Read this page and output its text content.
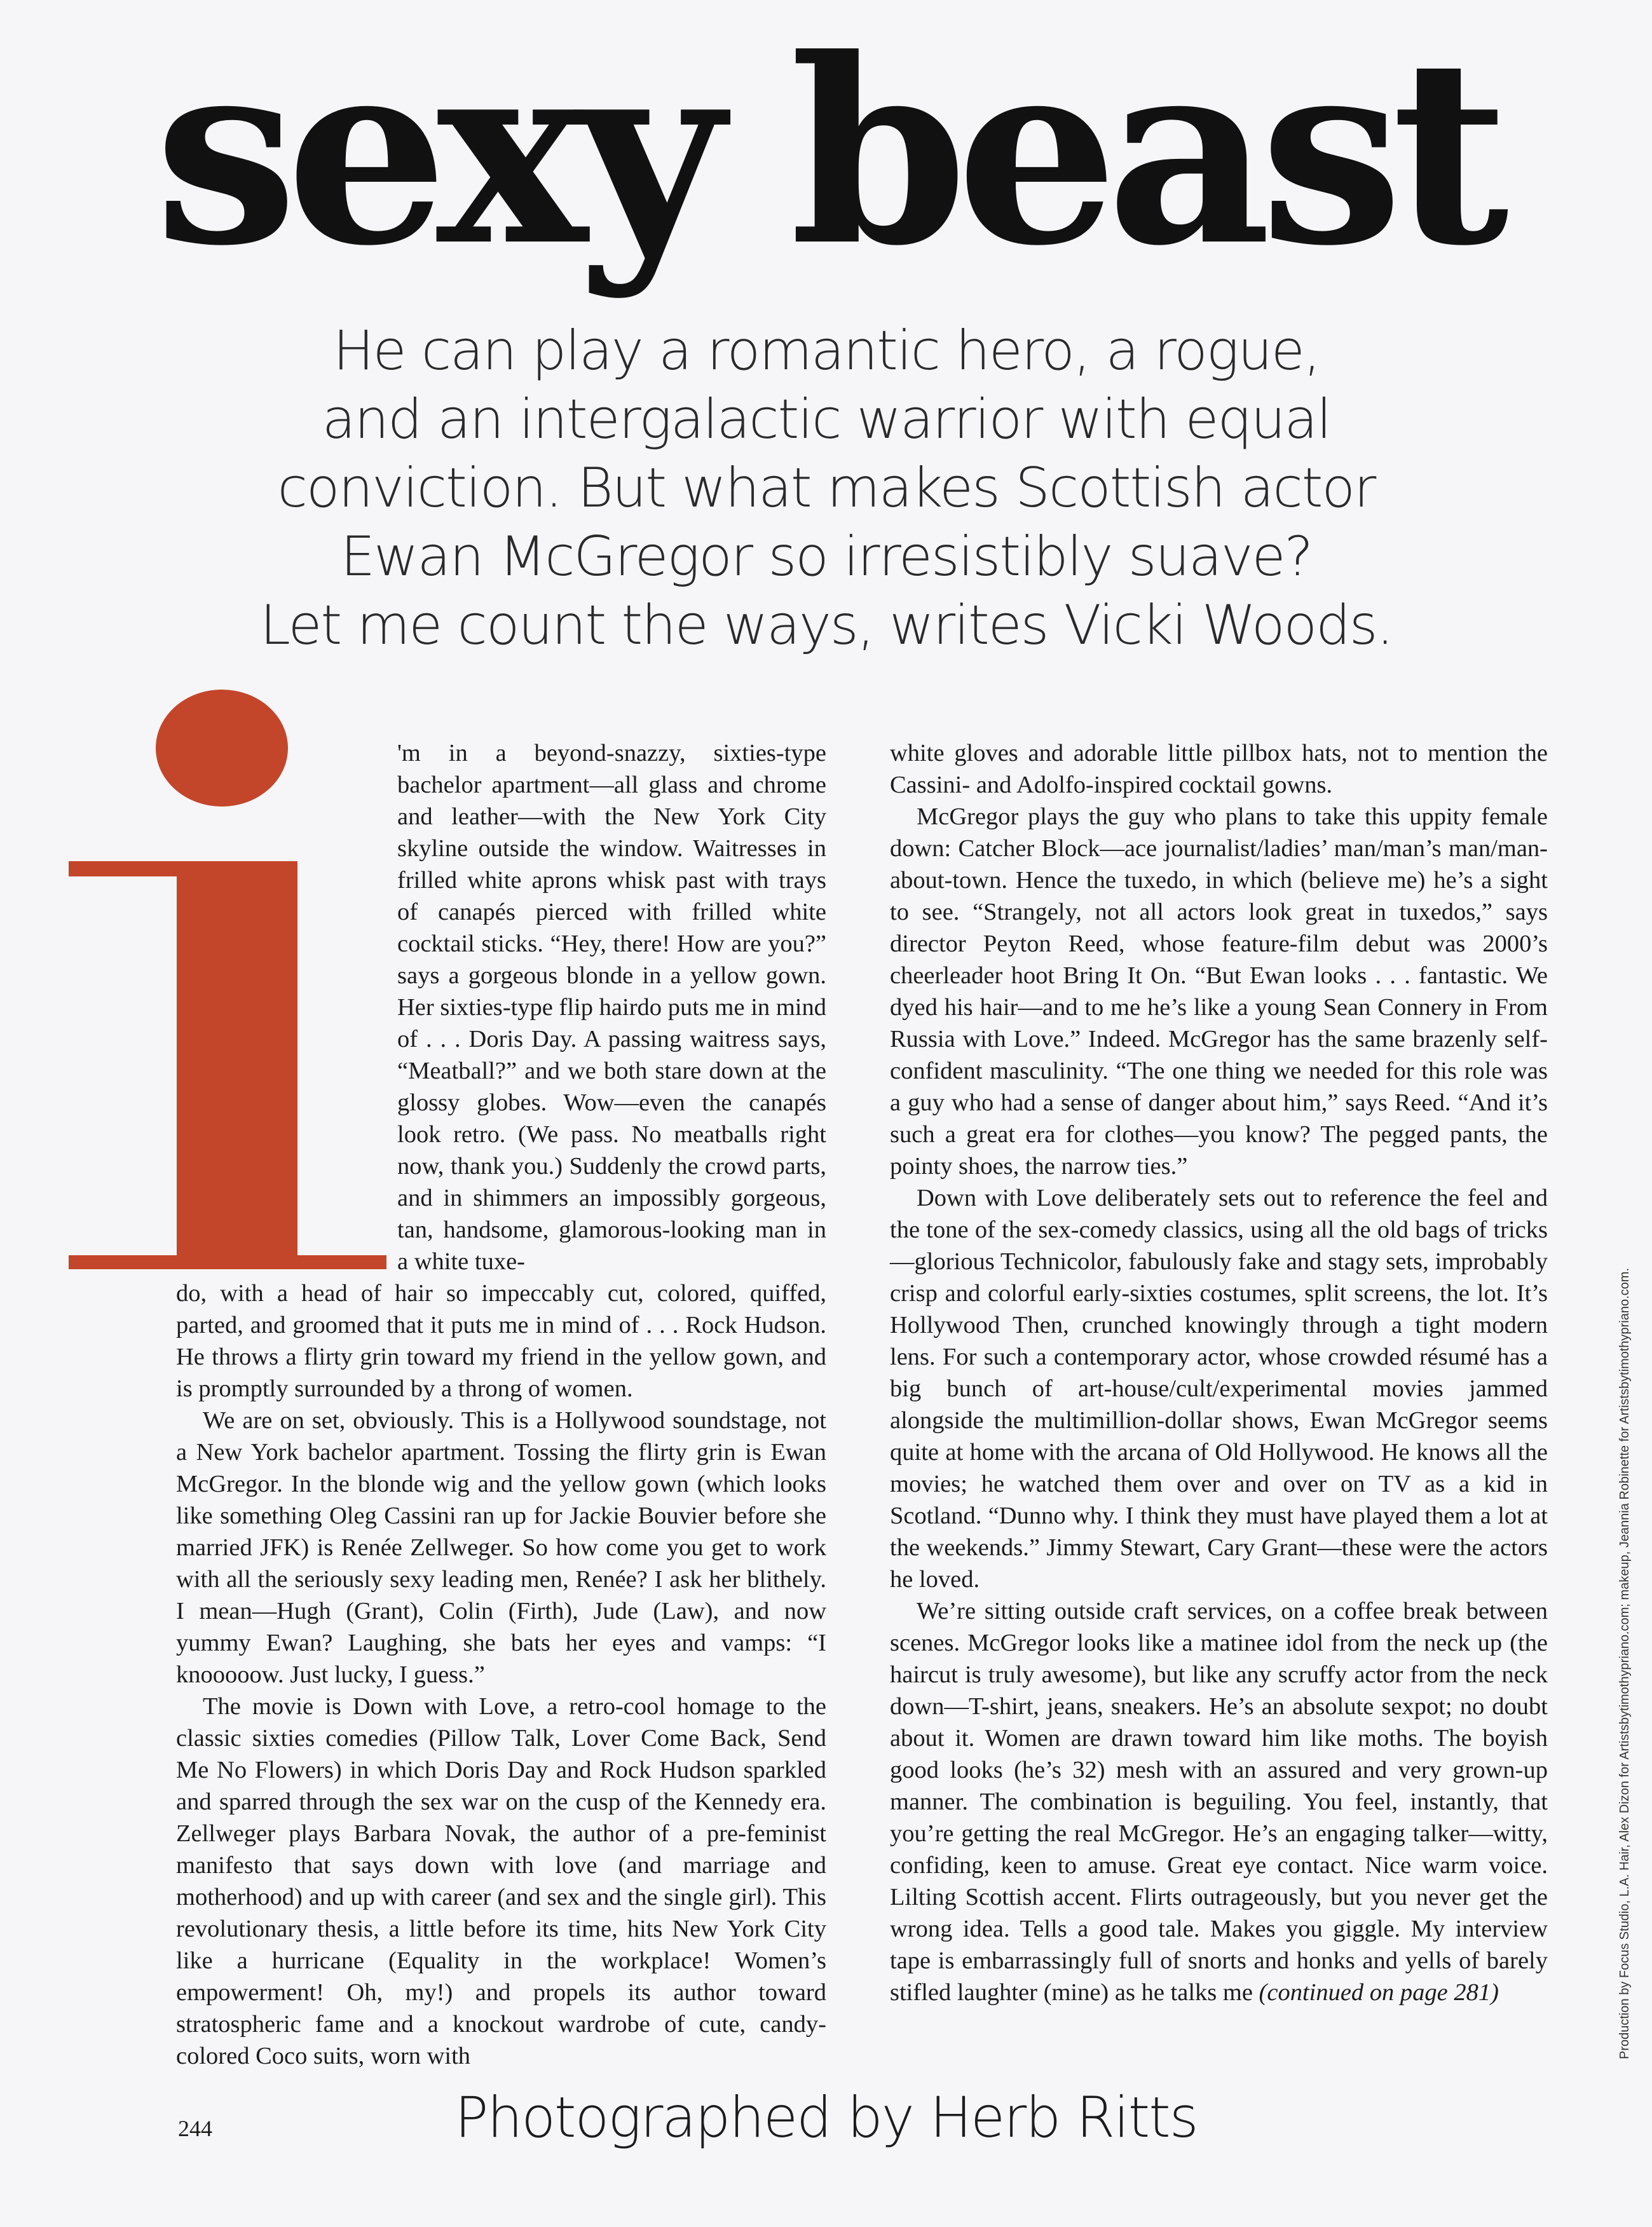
sexy beast
He can play a romantic hero, a rogue,
and an intergalactic warrior with equal
conviction. But what makes Scottish actor
Ewan McGregor so irresistibly suave?
Let me count the ways, writes Vicki Woods.

'm in a beyond-snazzy, sixties-type bachelor apartment—all glass and chrome and leather—with the New York City skyline outside the window. Waitresses in frilled white aprons whisk past with trays of canapés pierced with frilled white cocktail sticks. “Hey, there! How are you?” says a gorgeous blonde in a yellow gown. Her sixties-type flip hairdo puts me in mind of . . . Doris Day. A passing waitress says, “Meatball?” and we both stare down at the glossy globes. Wow—even the canapés look retro. (We pass. No meatballs right now, thank you.) Suddenly the crowd parts, and in shimmers an impossibly gorgeous, tan, handsome, glamorous-looking man in a white tuxe-

do, with a head of hair so impeccably cut, colored, quiffed, parted, and groomed that it puts me in mind of . . . Rock Hudson. He throws a flirty grin toward my friend in the yellow gown, and is promptly surrounded by a throng of women.

We are on set, obviously. This is a Hollywood soundstage, not a New York bachelor apartment. Tossing the flirty grin is Ewan McGregor. In the blonde wig and the yellow gown (which looks like something Oleg Cassini ran up for Jackie Bouvier before she married JFK) is Renée Zellweger. So how come you get to work with all the seriously sexy leading men, Renée? I ask her blithely. I mean—Hugh (Grant), Colin (Firth), Jude (Law), and now yummy Ewan? Laughing, she bats her eyes and vamps: “I knooooow. Just lucky, I guess.”

The movie is Down with Love, a retro-cool homage to the classic sixties comedies (Pillow Talk, Lover Come Back, Send Me No Flowers) in which Doris Day and Rock Hudson sparkled and sparred through the sex war on the cusp of the Kennedy era. Zellweger plays Barbara Novak, the author of a pre-feminist manifesto that says down with love (and marriage and motherhood) and up with career (and sex and the single girl). This revolutionary thesis, a little before its time, hits New York City like a hurricane (Equality in the workplace! Women’s empowerment! Oh, my!) and propels its author toward stratospheric fame and a knockout wardrobe of cute, candy-colored Coco suits, worn with

white gloves and adorable little pillbox hats, not to mention the Cassini- and Adolfo-inspired cocktail gowns.

McGregor plays the guy who plans to take this uppity female down: Catcher Block—ace journalist/ladies’ man/man’s man/man-about-town. Hence the tuxedo, in which (believe me) he’s a sight to see. “Strangely, not all actors look great in tuxedos,” says director Peyton Reed, whose feature-film debut was 2000’s cheerleader hoot Bring It On. “But Ewan looks . . . fantastic. We dyed his hair—and to me he’s like a young Sean Connery in From Russia with Love.” Indeed. McGregor has the same brazenly self-confident masculinity. “The one thing we needed for this role was a guy who had a sense of danger about him,” says Reed. “And it’s such a great era for clothes—you know? The pegged pants, the pointy shoes, the narrow ties.”

Down with Love deliberately sets out to reference the feel and the tone of the sex-comedy classics, using all the old bags of tricks—glorious Technicolor, fabulously fake and stagy sets, improbably crisp and colorful early-sixties costumes, split screens, the lot. It’s Hollywood Then, crunched knowingly through a tight modern lens. For such a contemporary actor, whose crowded résumé has a big bunch of art-house/cult/experimental movies jammed alongside the multimillion-dollar shows, Ewan McGregor seems quite at home with the arcana of Old Hollywood. He knows all the movies; he watched them over and over on TV as a kid in Scotland. “Dunno why. I think they must have played them a lot at the weekends.” Jimmy Stewart, Cary Grant—these were the actors he loved.

We’re sitting outside craft services, on a coffee break between scenes. McGregor looks like a matinee idol from the neck up (the haircut is truly awesome), but like any scruffy actor from the neck down—T-shirt, jeans, sneakers. He’s an absolute sexpot; no doubt about it. Women are drawn toward him like moths. The boyish good looks (he’s 32) mesh with an assured and very grown-up manner. The combination is beguiling. You feel, instantly, that you’re getting the real McGregor. He’s an engaging talker—witty, confiding, keen to amuse. Great eye contact. Nice warm voice. Lilting Scottish accent. Flirts outrageously, but you never get the wrong idea. Tells a good tale. Makes you giggle. My interview tape is embarrassingly full of snorts and honks and yells of barely stifled laughter (mine) as he talks me (continued on page 281)

244	Photographed by Herb Ritts
Production by Focus Studio, L.A. Hair, Alex Dizon for Artistsbytimothypriano.com; makeup, Jeannia Robinette for Artistsbytimothypriano.com.
